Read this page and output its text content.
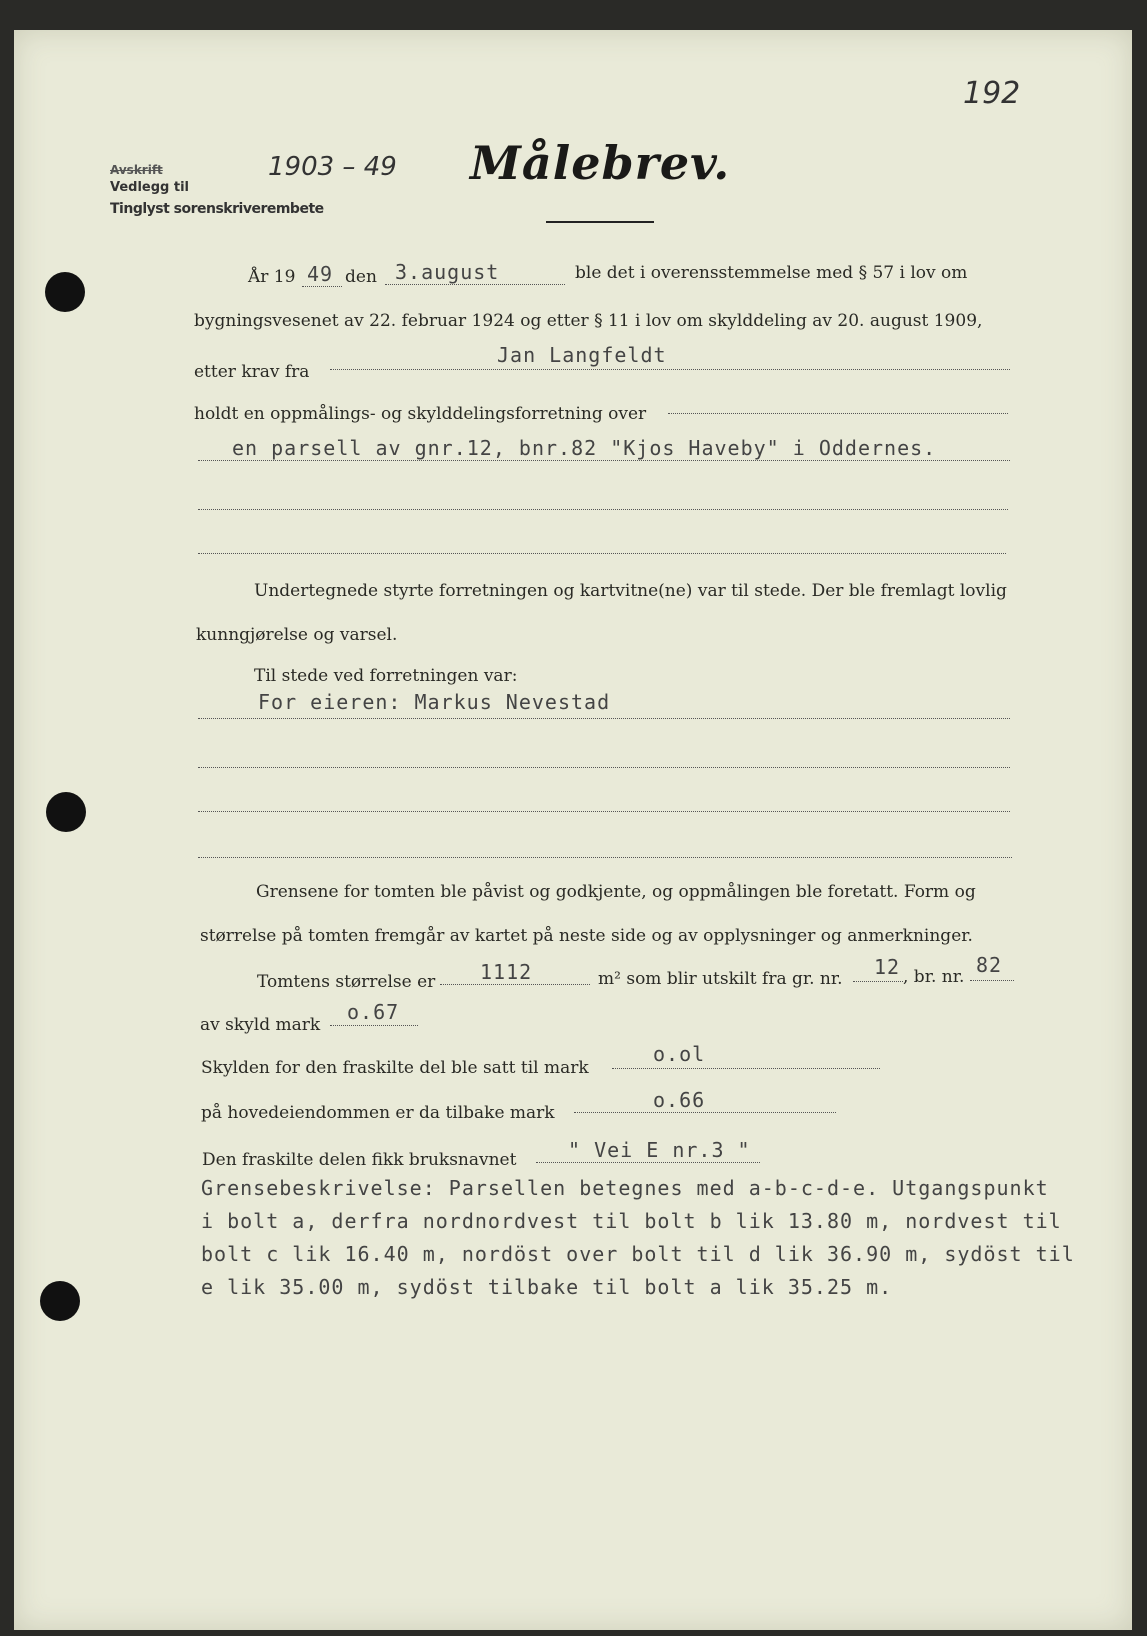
192
Avskrift	1903 – 49
Vedlegg til
Tinglyst sorenskriverembete
Målebrev.
År 19 49 den 3.august	ble det i overensstemmelse med § 57 i lov om
bygningsvesenet av 22. februar 1924 og etter § 11 i lov om skylddeling av 20. august 1909,
etter krav fra
Jan Langfeldt
holdt en oppmålings- og skylddelingsforretning over
en parsell av gnr.12, bnr.82 "Kjos Haveby" i Oddernes.
Undertegnede styrte forretningen og kartvitne(ne) var til stede. Der ble fremlagt lovlig
kunngjørelse og varsel.
Til stede ved forretningen var:
For eieren: Markus Nevestad
Grensene for tomten ble påvist og godkjente, og oppmålingen ble foretatt. Form og
størrelse på tomten fremgår av kartet på neste side og av opplysninger og anmerkninger.
Tomtens størrelse er 1112	m² som blir utskilt fra gr. nr. 12 , br. nr. 82
av skyld mark
o.67
Skylden for den fraskilte del ble satt til mark
o.ol
på hovedeiendommen er da tilbake mark
o.66
Den fraskilte delen fikk bruksnavnet	" Vei E nr.3 "
Grensebeskrivelse: Parsellen betegnes med a-b-c-d-e. Utgangspunkt
i bolt a, derfra nordnordvest til bolt b lik 13.80 m, nordvest til
bolt c lik 16.40 m, nordöst over bolt til d lik 36.90 m, sydöst til
e lik 35.00 m, sydöst tilbake til bolt a lik 35.25 m.
